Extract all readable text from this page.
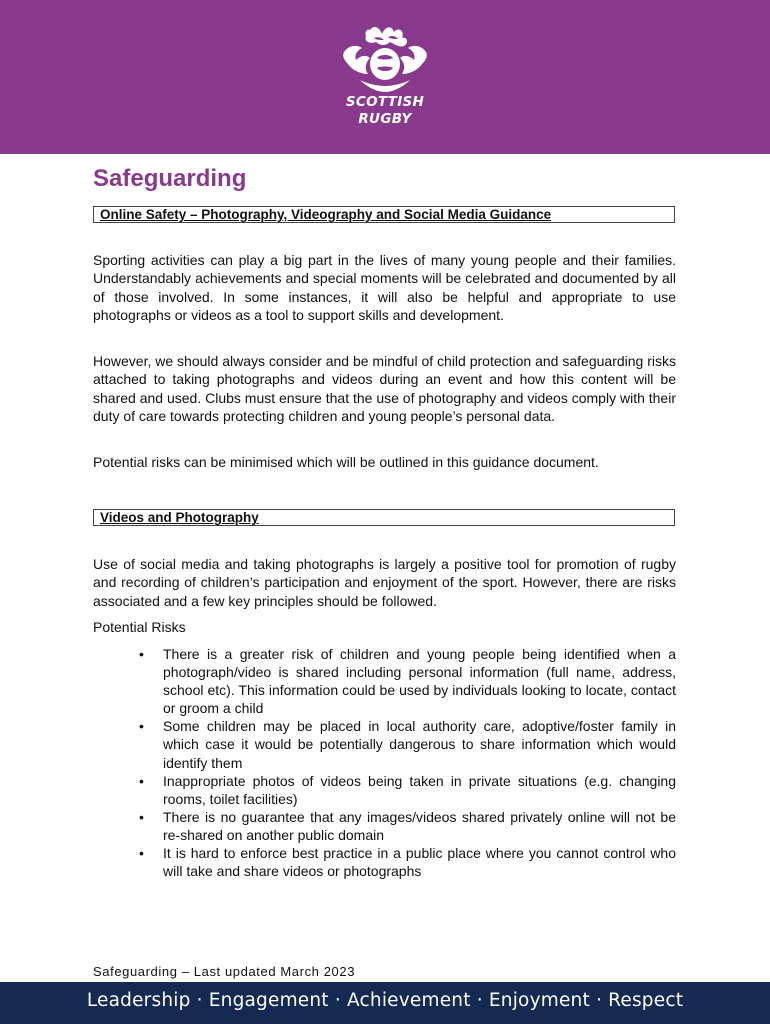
SCOTTISH
RUGBY
Safeguarding
Online Safety – Photography, Videography and Social Media Guidance

Sporting activities can play a big part in the lives of many young people and their families. Understandably achievements and special moments will be celebrated and documented by all of those involved. In some instances, it will also be helpful and appropriate to use photographs or videos as a tool to support skills and development.

However, we should always consider and be mindful of child protection and safeguarding risks attached to taking photographs and videos during an event and how this content will be shared and used. Clubs must ensure that the use of photography and videos comply with their duty of care towards protecting children and young people’s personal data.

Potential risks can be minimised which will be outlined in this guidance document.

Videos and Photography

Use of social media and taking photographs is largely a positive tool for promotion of rugby and recording of children’s participation and enjoyment of the sport. However, there are risks associated and a few key principles should be followed.

Potential Risks

• There is a greater risk of children and young people being identified when a photograph/video is shared including personal information (full name, address, school etc). This information could be used by individuals looking to locate, contact or groom a child
• Some children may be placed in local authority care, adoptive/foster family in which case it would be potentially dangerous to share information which would identify them
• Inappropriate photos of videos being taken in private situations (e.g. changing rooms, toilet facilities)
• There is no guarantee that any images/videos shared privately online will not be re-shared on another public domain
• It is hard to enforce best practice in a public place where you cannot control who will take and share videos or photographs
Safeguarding – Last updated March 2023
Leadership · Engagement · Achievement · Enjoyment · Respect
